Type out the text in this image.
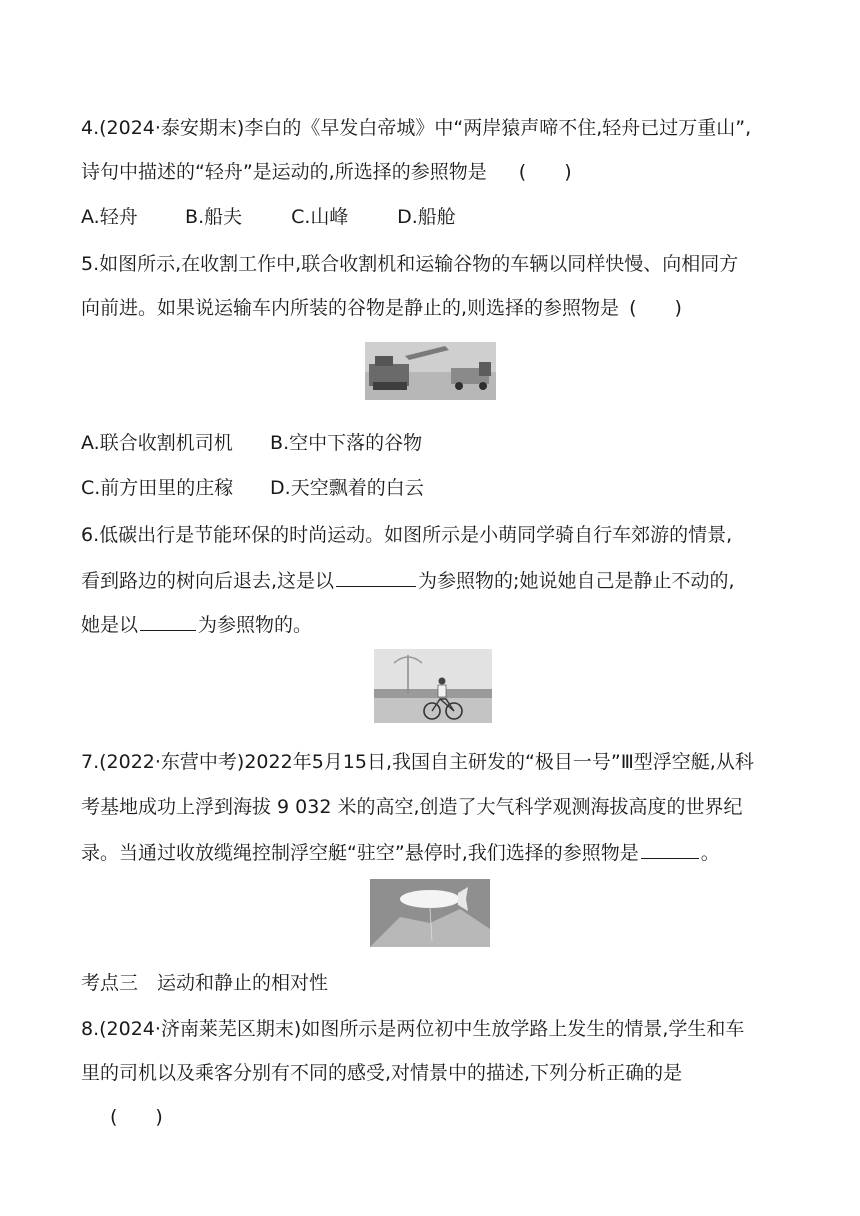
4.(2024·泰安期末)李白的《早发白帝城》中“两岸猿声啼不住,轻舟已过万重山”,
诗句中描述的“轻舟”是运动的,所选择的参照物是 (　　)
A.轻舟 B.船夫	C.山峰	D.船舱
5.如图所示,在收割工作中,联合收割机和运输谷物的车辆以同样快慢、向相同方
向前进。如果说运输车内所装的谷物是静止的,则选择的参照物是 (　　)
A.联合收割机司机 B.空中下落的谷物
C.前方田里的庄稼 D.天空飘着的白云
6.低碳出行是节能环保的时尚运动。如图所示是小萌同学骑自行车郊游的情景,
看到路边的树向后退去,这是以	为参照物的;她说她自己是静止不动的,
她是以	为参照物的。
7.(2022·东营中考)2022年5月15日,我国自主研发的“极目一号”Ⅲ型浮空艇,从科
考基地成功上浮到海拔 9 032 米的高空,创造了大气科学观测海拔高度的世界纪
录。当通过收放缆绳控制浮空艇“驻空”悬停时,我们选择的参照物是	。
考点三　运动和静止的相对性
8.(2024·济南莱芜区期末)如图所示是两位初中生放学路上发生的情景,学生和车
里的司机以及乘客分别有不同的感受,对情景中的描述,下列分析正确的是
(　　)
